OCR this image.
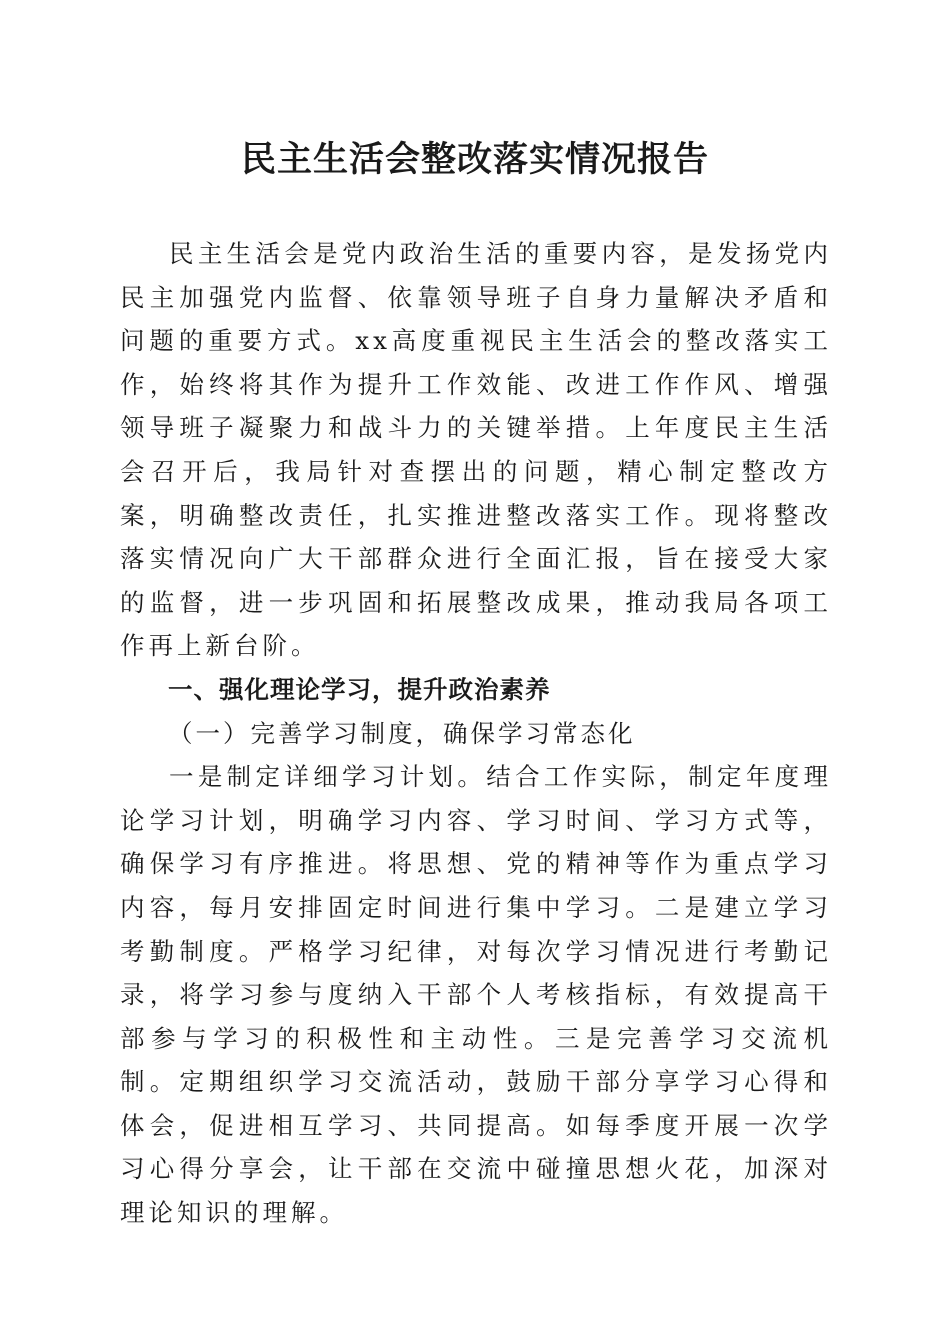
民主生活会整改落实情况报告

民主生活会是党内政治生活的重要内容，是发扬党内民主加强党内监督、依靠领导班子自身力量解决矛盾和问题的重要方式。xx高度重视民主生活会的整改落实工作，始终将其作为提升工作效能、改进工作作风、增强领导班子凝聚力和战斗力的关键举措。上年度民主生活会召开后，我局针对查摆出的问题，精心制定整改方案，明确整改责任，扎实推进整改落实工作。现将整改落实情况向广大干部群众进行全面汇报，旨在接受大家的监督，进一步巩固和拓展整改成果，推动我局各项工作再上新台阶。

一、强化理论学习，提升政治素养

（一）完善学习制度，确保学习常态化

一是制定详细学习计划。结合工作实际，制定年度理论学习计划，明确学习内容、学习时间、学习方式等，确保学习有序推进。将思想、党的精神等作为重点学习内容，每月安排固定时间进行集中学习。二是建立学习考勤制度。严格学习纪律，对每次学习情况进行考勤记录，将学习参与度纳入干部个人考核指标，有效提高干部参与学习的积极性和主动性。三是完善学习交流机制。定期组织学习交流活动，鼓励干部分享学习心得和体会，促进相互学习、共同提高。如每季度开展一次学习心得分享会，让干部在交流中碰撞思想火花，加深对理论知识的理解。
